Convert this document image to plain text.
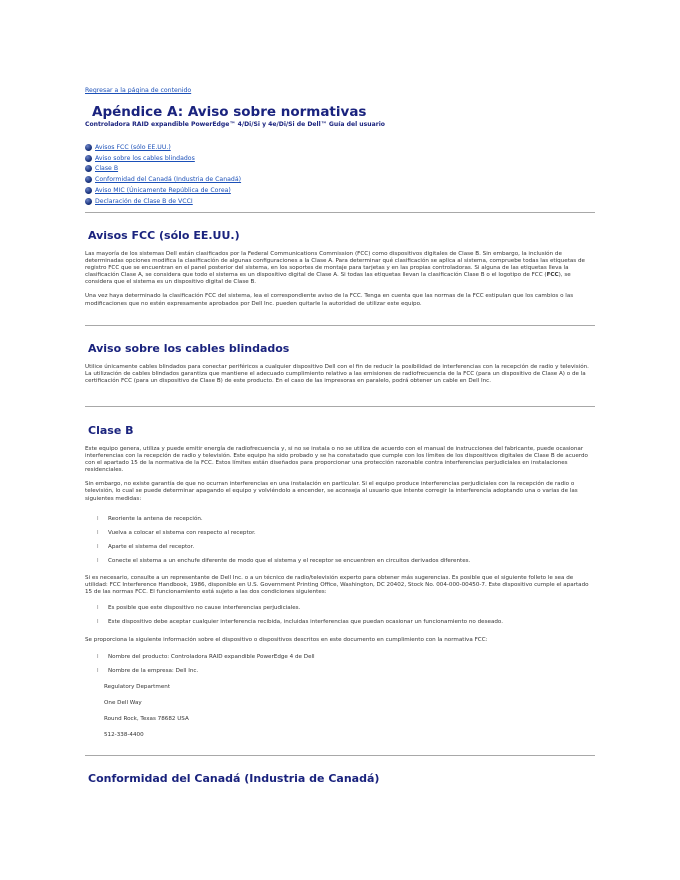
Regresar a la página de contenido
Apéndice A: Aviso sobre normativas
Controladora RAID expandible PowerEdge™ 4/Di/Si y 4e/Di/Si de Dell™ Guía del usuario
Avisos FCC (sólo EE.UU.)
Aviso sobre los cables blindados
Clase B
Conformidad del Canadá (Industria de Canadá)
Aviso MIC (Únicamente República de Corea)
Declaración de Clase B de VCCI
Avisos FCC (sólo EE.UU.)

Las mayoría de los sistemas Dell están clasificados por la Federal Communications Commission (FCC) como dispositivos digitales de Clase B. Sin embargo, la inclusión de determinadas opciones modifica la clasificación de algunas configuraciones a la Clase A. Para determinar qué clasificación se aplica al sistema, compruebe todas las etiquetas de registro FCC que se encuentran en el panel posterior del sistema, en los soportes de montaje para tarjetas y en las propias controladoras. Si alguna de las etiquetas lleva la clasificación Clase A, se considera que todo el sistema es un dispositivo digital de Clase A. Si todas las etiquetas llevan la clasificación Clase B o el logotipo de FCC (FCC), se considera que el sistema es un dispositivo digital de Clase B.

Una vez haya determinado la clasificación FCC del sistema, lea el correspondiente aviso de la FCC. Tenga en cuenta que las normas de la FCC estipulan que los cambios o las modificaciones que no estén expresamente aprobados por Dell Inc. pueden quitarle la autoridad de utilizar este equipo.

Aviso sobre los cables blindados

Utilice únicamente cables blindados para conectar periféricos a cualquier dispositivo Dell con el fin de reducir la posibilidad de interferencias con la recepción de radio y televisión. La utilización de cables blindados garantiza que mantiene el adecuado cumplimiento relativo a las emisiones de radiofrecuencia de la FCC (para un dispositivo de Clase A) o de la certificación FCC (para un dispositivo de Clase B) de este producto. En el caso de las impresoras en paralelo, podrá obtener un cable en Dell Inc.

Clase B

Este equipo genera, utiliza y puede emitir energía de radiofrecuencia y, si no se instala o no se utiliza de acuerdo con el manual de instrucciones del fabricante, puede ocasionar interferencias con la recepción de radio y televisión. Este equipo ha sido probado y se ha constatado que cumple con los límites de los dispositivos digitales de Clase B de acuerdo con el apartado 15 de la normativa de la FCC. Estos límites están diseñados para proporcionar una protección razonable contra interferencias perjudiciales en instalaciones residenciales.

Sin embargo, no existe garantía de que no ocurran interferencias en una instalación en particular. Si el equipo produce interferencias perjudiciales con la recepción de radio o televisión, lo cual se puede determinar apagando el equipo y volviéndolo a encender, se aconseja al usuario que intente corregir la interferencia adoptando una o varias de las siguientes medidas:

l Reoriente la antena de recepción.
l Vuelva a colocar el sistema con respecto al receptor.
l Aparte el sistema del receptor.
l Conecte el sistema a un enchufe diferente de modo que el sistema y el receptor se encuentren en circuitos derivados diferentes.

Si es necesario, consulte a un representante de Dell Inc. o a un técnico de radio/televisión experto para obtener más sugerencias. Es posible que el siguiente folleto le sea de utilidad: FCC Interference Handbook, 1986, disponible en U.S. Government Printing Office, Washington, DC 20402, Stock No. 004-000-00450-7. Este dispositivo cumple el apartado 15 de las normas FCC. El funcionamiento está sujeto a las dos condiciones siguientes:

l Es posible que este dispositivo no cause interferencias perjudiciales.
l Este dispositivo debe aceptar cualquier interferencia recibida, incluidas interferencias que puedan ocasionar un funcionamiento no deseado.

Se proporciona la siguiente información sobre el dispositivo o dispositivos descritos en este documento en cumplimiento con la normativa FCC:

l Nombre del producto: Controladora RAID expandible PowerEdge 4 de Dell
l Nombre de la empresa: Dell Inc.
Regulatory Department
One Dell Way
Round Rock, Texas 78682 USA
512-338-4400
Conformidad del Canadá (Industria de Canadá)
